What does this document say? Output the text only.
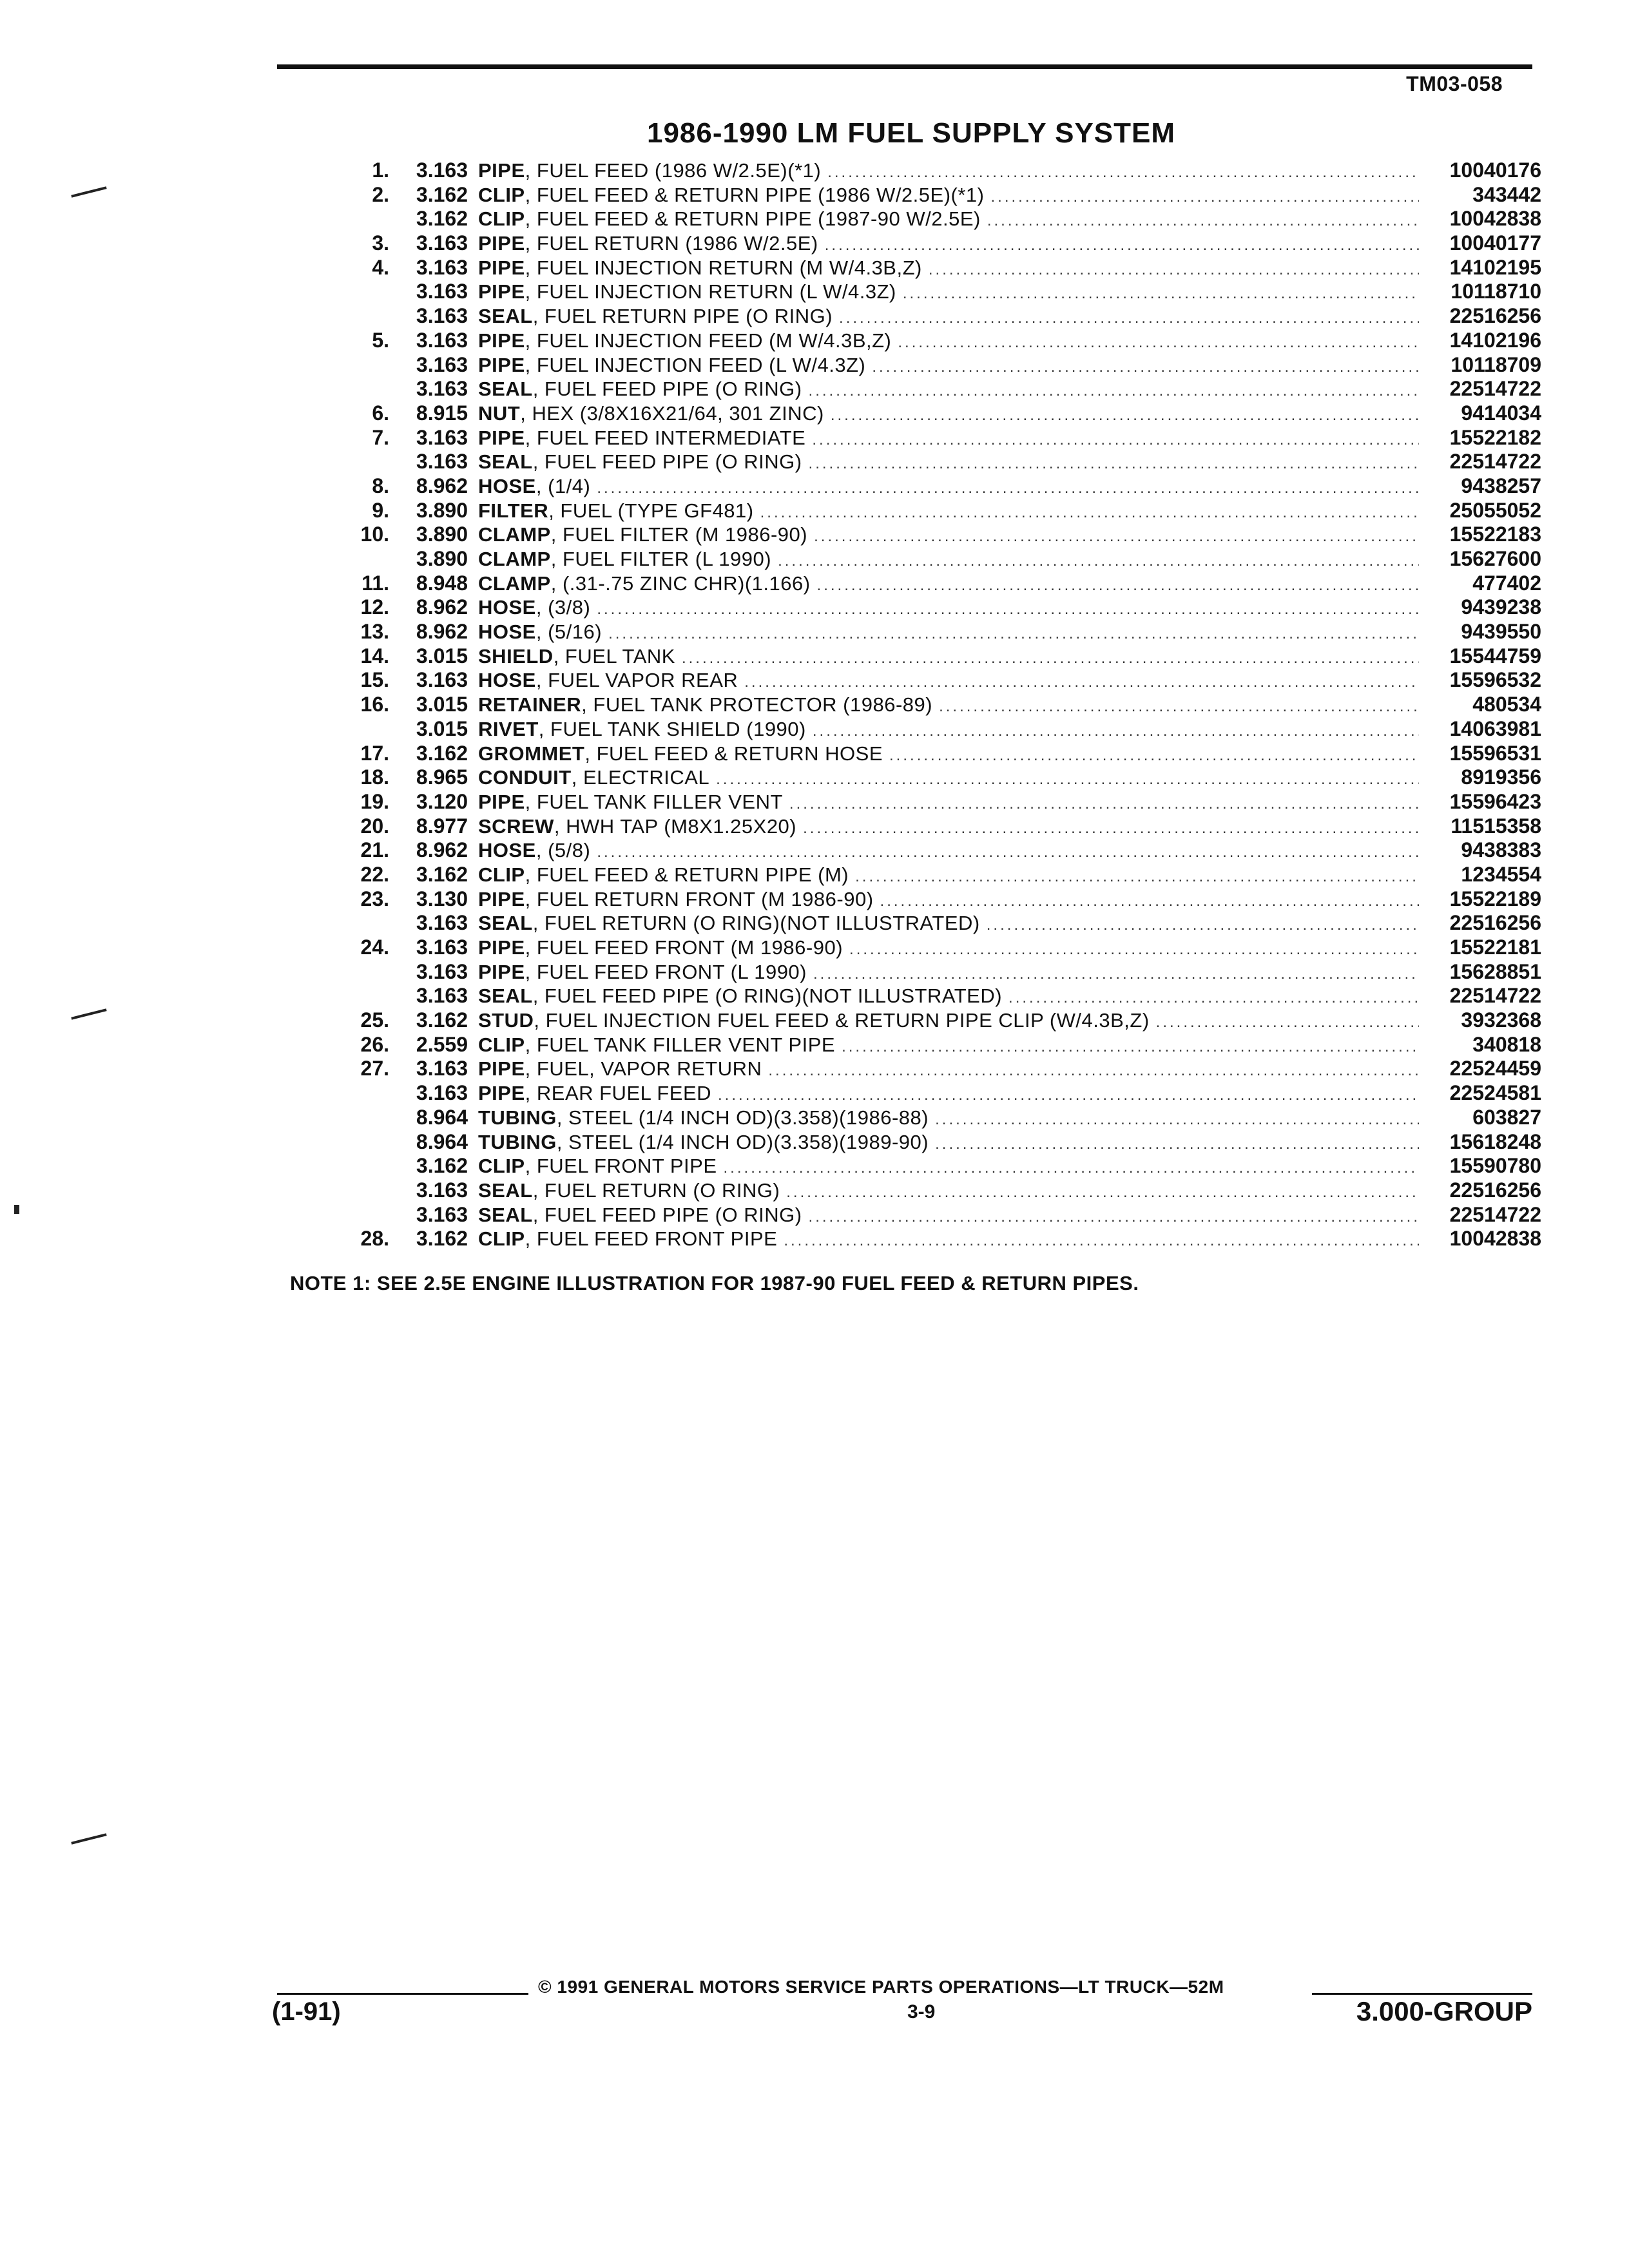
TM03-058
1986-1990 LM FUEL SUPPLY SYSTEM
1.	3.163 PIPE , FUEL FEED (1986 W/2.5E)(*1) .....	10040176
2.	3.162 CLIP , FUEL FEED & RETURN PIPE (1986 W/2.5E)(*1) .....	343442
3.162 CLIP , FUEL FEED & RETURN PIPE (1987-90 W/2.5E) .....	10042838
3.	3.163 PIPE , FUEL RETURN (1986 W/2.5E) .....	10040177
4.	3.163 PIPE , FUEL INJECTION RETURN (M W/4.3B,Z) .....	14102195
3.163 PIPE , FUEL INJECTION RETURN (L W/4.3Z) .....	10118710
3.163 SEAL , FUEL RETURN PIPE (O RING) .....	22516256
5.	3.163 PIPE , FUEL INJECTION FEED (M W/4.3B,Z) .....	14102196
3.163 PIPE , FUEL INJECTION FEED (L W/4.3Z) .....	10118709
3.163 SEAL , FUEL FEED PIPE (O RING) .....	22514722
6.	8.915 NUT , HEX (3/8X16X21/64, 301 ZINC) .....	9414034
7.	3.163 PIPE , FUEL FEED INTERMEDIATE .....	15522182
3.163 SEAL , FUEL FEED PIPE (O RING) .....	22514722
8.	8.962 HOSE , (1/4) .....	9438257
9.	3.890 FILTER , FUEL (TYPE GF481) .....	25055052
10.	3.890 CLAMP , FUEL FILTER (M 1986-90) .....	15522183
3.890 CLAMP , FUEL FILTER (L 1990) .....	15627600
11.	8.948 CLAMP , (.31-.75 ZINC CHR)(1.166) .....	477402
12.	8.962 HOSE , (3/8) .....	9439238
13.	8.962 HOSE , (5/16) .....	9439550
14.	3.015 SHIELD , FUEL TANK .....	15544759
15.	3.163 HOSE , FUEL VAPOR REAR .....	15596532
16.	3.015 RETAINER , FUEL TANK PROTECTOR (1986-89) .....	480534
3.015 RIVET , FUEL TANK SHIELD (1990) .....	14063981
17.	3.162 GROMMET , FUEL FEED & RETURN HOSE .....	15596531
18.	8.965 CONDUIT , ELECTRICAL .....	8919356
19.	3.120 PIPE , FUEL TANK FILLER VENT .....	15596423
20.	8.977 SCREW , HWH TAP (M8X1.25X20) .....	11515358
21.	8.962 HOSE , (5/8) .....	9438383
22.	3.162 CLIP , FUEL FEED & RETURN PIPE (M) .....	1234554
23.	3.130 PIPE , FUEL RETURN FRONT (M 1986-90) .....	15522189
3.163 SEAL , FUEL RETURN (O RING)(NOT ILLUSTRATED) .....	22516256
24.	3.163 PIPE , FUEL FEED FRONT (M 1986-90) .....	15522181
3.163 PIPE , FUEL FEED FRONT (L 1990) .....	15628851
3.163 SEAL , FUEL FEED PIPE (O RING)(NOT ILLUSTRATED) .....	22514722
25.	3.162 STUD , FUEL INJECTION FUEL FEED & RETURN PIPE CLIP (W/4.3B,Z) .....	3932368
26.	2.559 CLIP , FUEL TANK FILLER VENT PIPE .....	340818
27.	3.163 PIPE , FUEL, VAPOR RETURN .....	22524459
3.163 PIPE , REAR FUEL FEED .....	22524581
8.964 TUBING , STEEL (1/4 INCH OD)(3.358)(1986-88) .....	603827
8.964 TUBING , STEEL (1/4 INCH OD)(3.358)(1989-90) .....	15618248
3.162 CLIP , FUEL FRONT PIPE .....	15590780
3.163 SEAL , FUEL RETURN (O RING) .....	22516256
3.163 SEAL , FUEL FEED PIPE (O RING) .....	22514722
28.	3.162 CLIP , FUEL FEED FRONT PIPE .....	10042838
NOTE 1: SEE 2.5E ENGINE ILLUSTRATION FOR 1987-90 FUEL FEED & RETURN PIPES.
© 1991 GENERAL MOTORS SERVICE PARTS OPERATIONS—LT TRUCK—52M
(1-91)	3-9	3.000-GROUP
